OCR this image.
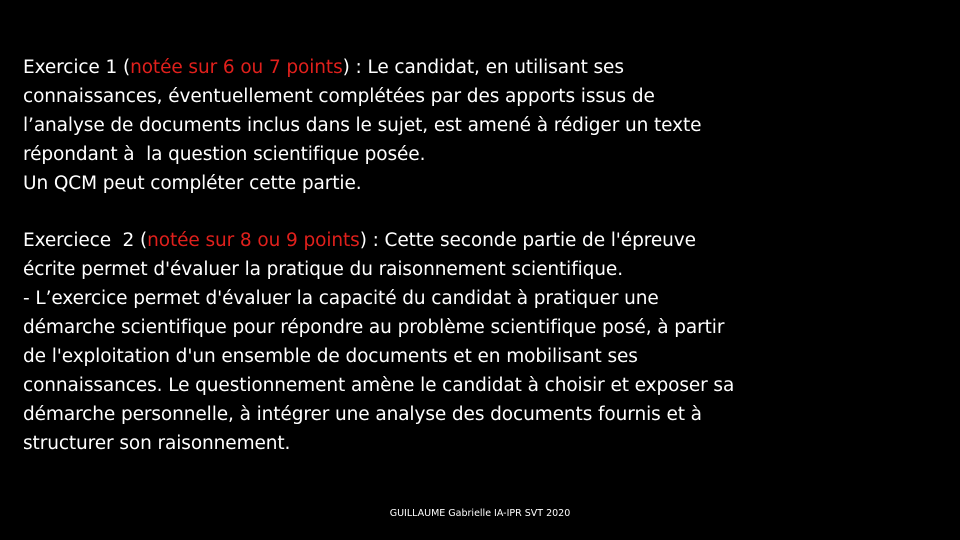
Exercice 1 (notée sur 6 ou 7 points) : Le candidat, en utilisant ses

connaissances, éventuellement complétées par des apports issus de

l’analyse de documents inclus dans le sujet, est amené à rédiger un texte

répondant à  la question scientifique posée.

Un QCM peut compléter cette partie.

Exerciece  2 (notée sur 8 ou 9 points) : Cette seconde partie de l'épreuve

écrite permet d'évaluer la pratique du raisonnement scientifique.

- L’exercice permet d'évaluer la capacité du candidat à pratiquer une

démarche scientifique pour répondre au problème scientifique posé, à partir

de l'exploitation d'un ensemble de documents et en mobilisant ses

connaissances. Le questionnement amène le candidat à choisir et exposer sa

démarche personnelle, à intégrer une analyse des documents fournis et à

structurer son raisonnement.

GUILLAUME Gabrielle IA-IPR SVT 2020
